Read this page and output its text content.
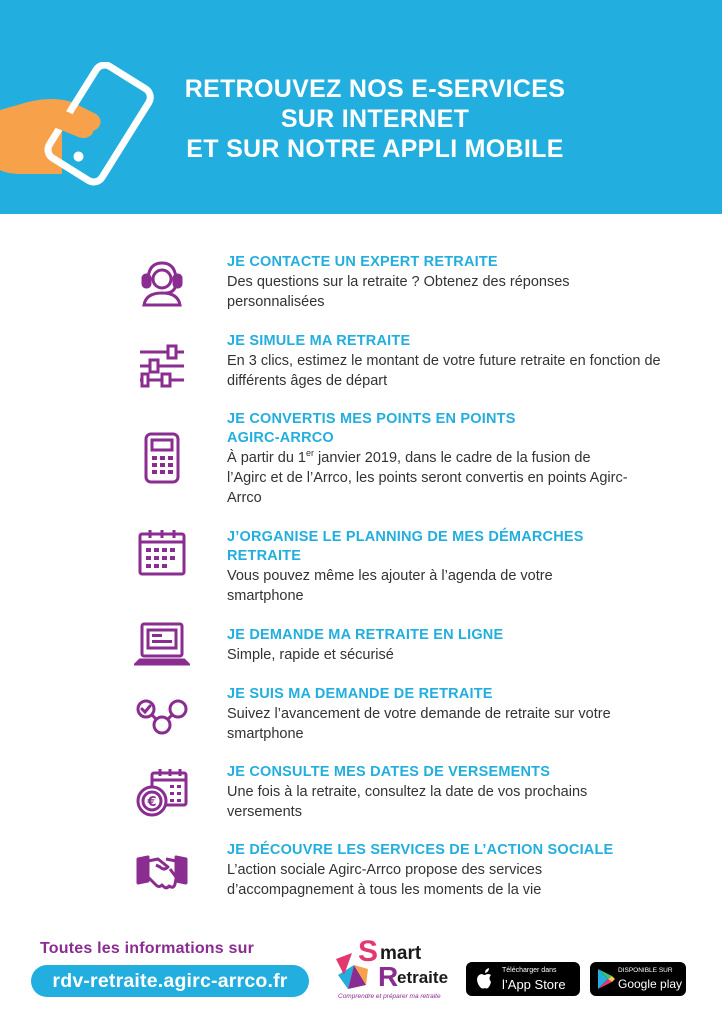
RETROUVEZ NOS E-SERVICES
SUR INTERNET
ET SUR NOTRE APPLI MOBILE
JE CONTACTE UN EXPERT RETRAITE
Des questions sur la retraite ? Obtenez des réponses personnalisées
JE SIMULE MA RETRAITE
En 3 clics, estimez le montant de votre future retraite en fonction de différents âges de départ
JE CONVERTIS MES POINTS EN POINTS AGIRC-ARRCO
À partir du 1er janvier 2019, dans le cadre de la fusion de l’Agirc et de l’Arrco, les points seront convertis en points Agirc-Arrco
J’ORGANISE LE PLANNING DE MES DÉMARCHES RETRAITE
Vous pouvez même les ajouter à l’agenda de votre smartphone
JE DEMANDE MA RETRAITE EN LIGNE
Simple, rapide et sécurisé
JE SUIS MA DEMANDE DE RETRAITE
Suivez l’avancement de votre demande de retraite sur votre smartphone
€
JE CONSULTE MES DATES DE VERSEMENTS
Une fois à la retraite, consultez la date de vos prochains versements
JE DÉCOUVRE LES SERVICES DE L’ACTION SOCIALE
L’action sociale Agirc-Arrco propose des services d’accompagnement à tous les moments de la vie
Toutes les informations sur
rdv-retraite.agirc-arrco.fr
S mart
R
etraite
Comprendre et préparer ma retraite
Télécharger dans
l’App Store
DISPONIBLE SUR
Google play
